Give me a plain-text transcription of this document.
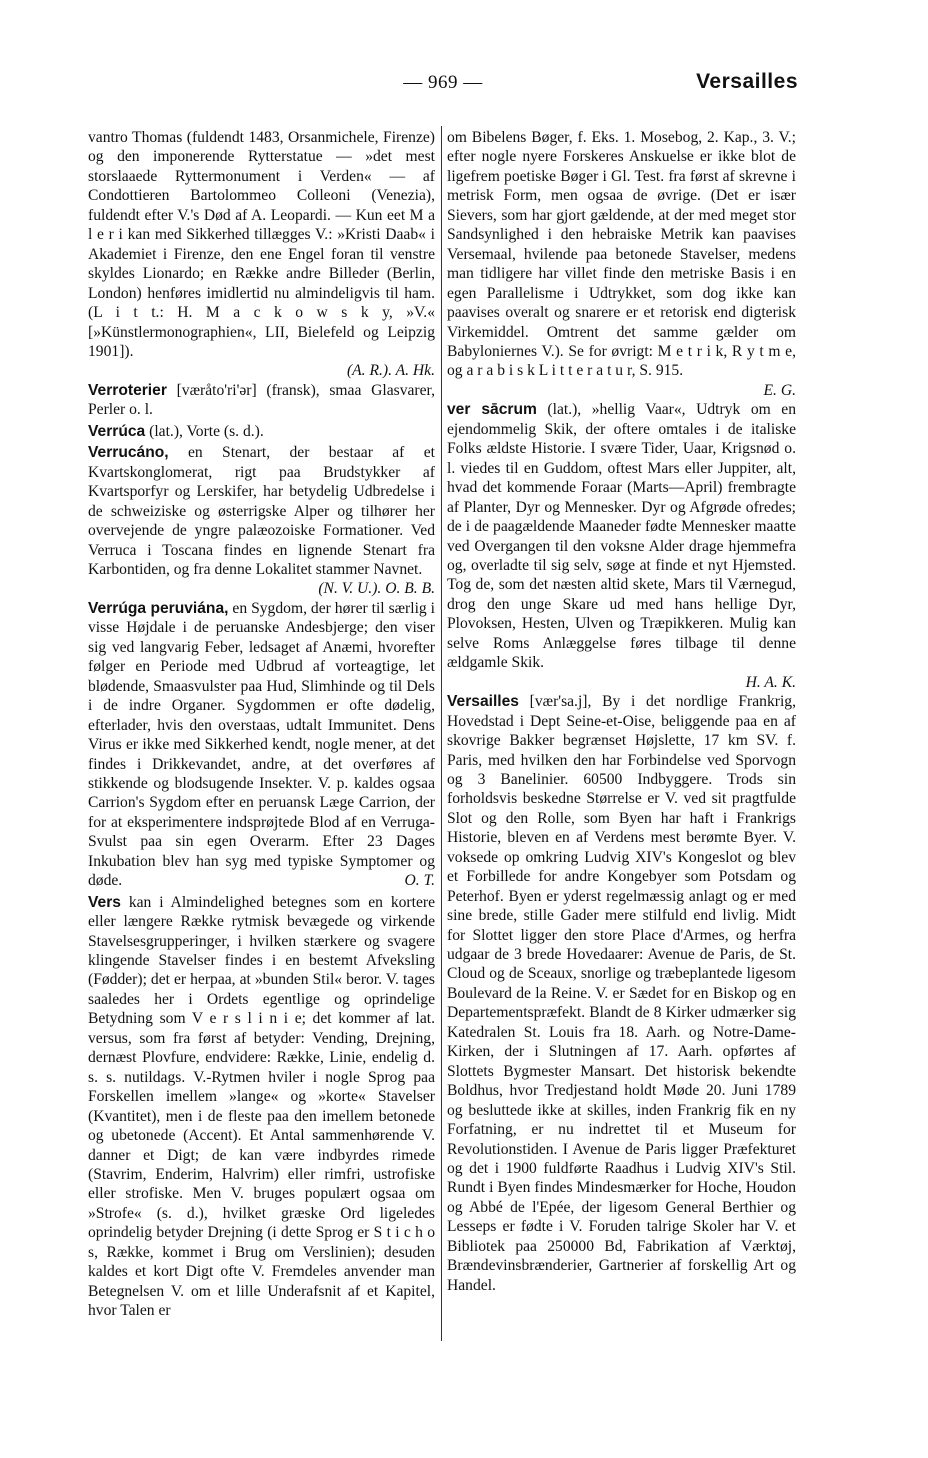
— 969 —	Versailles

vantro Thomas (fuldendt 1483, Orsanmichele, Firenze) og den imponerende Rytterstatue — »det mest storslaaede Ryttermonument i Verden« — af Condottieren Bartolommeo Colleoni (Venezia), fuldendt efter V.'s Død af A. Leopardi. — Kun eet M a l e r i kan med Sikkerhed tillægges V.: »Kristi Daab« i Akademiet i Firenze, den ene Engel foran til venstre skyldes Lionardo; en Række andre Billeder (Berlin, London) henføres imidlertid nu almindeligvis til ham. (L i t t.: H. M a c k o w s k y, »V.« [»Künstlermonographien«, LII, Bielefeld og Leipzig 1901]).

(A. R.). A. Hk.

Verroterier [væråto'ri'ər] (fransk), smaa Glasvarer, Perler o. l.

Verrúca (lat.), Vorte (s. d.).

Verrucáno, en Stenart, der bestaar af et Kvartskonglomerat, rigt paa Brudstykker af Kvartsporfyr og Lerskifer, har betydelig Udbredelse i de schweiziske og østerrigske Alper og tilhører her overvejende de yngre palæozoiske Formationer. Ved Verruca i Toscana findes en lignende Stenart fra Karbontiden, og fra denne Lokalitet stammer Navnet.

(N. V. U.). O. B. B.

Verrúga peruviána, en Sygdom, der hører til særlig i visse Højdale i de peruanske Andesbjerge; den viser sig ved langvarig Feber, ledsaget af Anæmi, hvorefter følger en Periode med Udbrud af vorteagtige, let blødende, Smaasvulster paa Hud, Slimhinde og til Dels i de indre Organer. Sygdommen er ofte dødelig, efterlader, hvis den overstaas, udtalt Immunitet. Dens Virus er ikke med Sikkerhed kendt, nogle mener, at det findes i Drikkevandet, andre, at det overføres af stikkende og blodsugende Insekter. V. p. kaldes ogsaa Carrion's Sygdom efter en peruansk Læge Carrion, der for at eksperimentere indsprøjtede Blod af en Verruga-Svulst paa sin egen Overarm. Efter 23 Dages Inkubation blev han syg med typiske Symptomer og døde.	O. T.

Vers kan i Almindelighed betegnes som en kortere eller længere Række rytmisk bevægede og virkende Stavelsesgrupperinger, i hvilken stærkere og svagere klingende Stavelser findes i en bestemt Afveksling (Fødder); det er herpaa, at »bunden Stil« beror. V. tages saaledes her i Ordets egentlige og oprindelige Betydning som V e r s l i n i e; det kommer af lat. versus, som fra først af betyder: Vending, Drejning, dernæst Plovfure, endvidere: Række, Linie, endelig d. s. s. nutildags. V.-Rytmen hviler i nogle Sprog paa Forskellen imellem »lange« og »korte« Stavelser (Kvantitet), men i de fleste paa den imellem betonede og ubetonede (Accent). Et Antal sammenhørende V. danner et Digt; de kan være indbyrdes rimede (Stavrim, Enderim, Halvrim) eller rimfri, ustrofiske eller strofiske. Men V. bruges populært ogsaa om »Strofe« (s. d.), hvilket græske Ord ligeledes oprindelig betyder Drejning (i dette Sprog er S t i c h o s, Række, kommet i Brug om Verslinien); desuden kaldes et kort Digt ofte V. Fremdeles anvender man Betegnelsen V. om et lille Underafsnit af et Kapitel, hvor Talen er

om Bibelens Bøger, f. Eks. 1. Mosebog, 2. Kap., 3. V.; efter nogle nyere Forskeres Anskuelse er ikke blot de ligefrem poetiske Bøger i Gl. Test. fra først af skrevne i metrisk Form, men ogsaa de øvrige. (Det er især Sievers, som har gjort gældende, at der med meget stor Sandsynlighed i den hebraiske Metrik kan paavises Versemaal, hvilende paa betonede Stavelser, medens man tidligere har villet finde den metriske Basis i en egen Parallelisme i Udtrykket, som dog ikke kan paavises overalt og snarere er et retorisk end digterisk Virkemiddel. Omtrent det samme gælder om Babyloniernes V.). Se for øvrigt: M e t r i k, R y t m e, og a r a b i s k L i t t e r a t u r, S. 915.

E. G.

ver sācrum (lat.), »hellig Vaar«, Udtryk om en ejendommelig Skik, der oftere omtales i de italiske Folks ældste Historie. I svære Tider, Uaar, Krigsnød o. l. viedes til en Guddom, oftest Mars eller Juppiter, alt, hvad det kommende Foraar (Marts—April) frembragte af Planter, Dyr og Mennesker. Dyr og Afgrøde ofredes; de i de paagældende Maaneder fødte Mennesker maatte ved Overgangen til den voksne Alder drage hjemmefra og, overladte til sig selv, søge at finde et nyt Hjemsted. Tog de, som det næsten altid skete, Mars til Værnegud, drog den unge Skare ud med hans hellige Dyr, Plovoksen, Hesten, Ulven og Træpikkeren. Mulig kan selve Roms Anlæggelse føres tilbage til denne ældgamle Skik.

H. A. K.

Versailles [vær'sa.j], By i det nordlige Frankrig, Hovedstad i Dept Seine-et-Oise, beliggende paa en af skovrige Bakker begrænset Højslette, 17 km SV. f. Paris, med hvilken den har Forbindelse ved Sporvogn og 3 Banelinier. 60500 Indbyggere. Trods sin forholdsvis beskedne Størrelse er V. ved sit pragtfulde Slot og den Rolle, som Byen har haft i Frankrigs Historie, bleven en af Verdens mest berømte Byer. V. voksede op omkring Ludvig XIV's Kongeslot og blev et Forbillede for andre Kongebyer som Potsdam og Peterhof. Byen er yderst regelmæssig anlagt og er med sine brede, stille Gader mere stilfuld end livlig. Midt for Slottet ligger den store Place d'Armes, og herfra udgaar de 3 brede Hovedaarer: Avenue de Paris, de St. Cloud og de Sceaux, snorlige og træbeplantede ligesom Boulevard de la Reine. V. er Sædet for en Biskop og en Departementspræfekt. Blandt de 8 Kirker udmærker sig Katedralen St. Louis fra 18. Aarh. og Notre-Dame-Kirken, der i Slutningen af 17. Aarh. opførtes af Slottets Bygmester Mansart. Det historisk bekendte Boldhus, hvor Tredjestand holdt Møde 20. Juni 1789 og besluttede ikke at skilles, inden Frankrig fik en ny Forfatning, er nu indrettet til et Museum for Revolutionstiden. I Avenue de Paris ligger Præfekturet og det i 1900 fuldførte Raadhus i Ludvig XIV's Stil. Rundt i Byen findes Mindesmærker for Hoche, Houdon og Abbé de l'Epée, der ligesom General Berthier og Lesseps er fødte i V. Foruden talrige Skoler har V. et Bibliotek paa 250000 Bd, Fabrikation af Værktøj, Brændevinsbrænderier, Gartnerier af forskellig Art og Handel.
